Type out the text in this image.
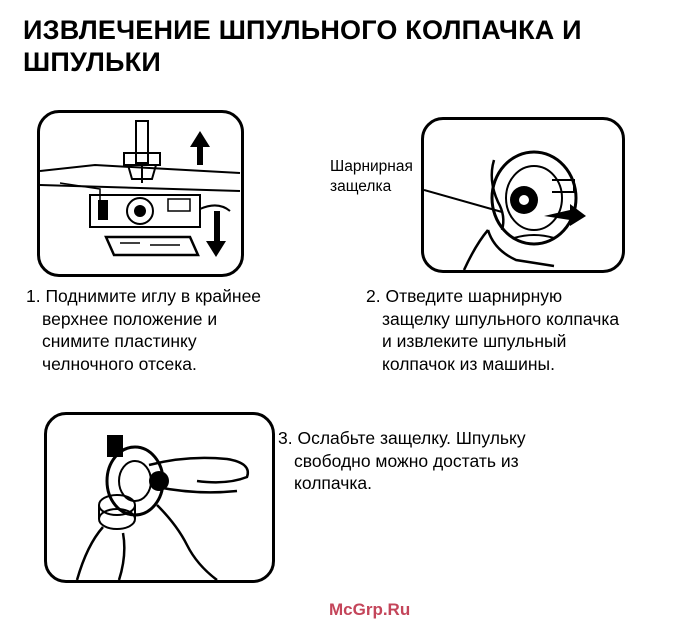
ИЗВЛЕЧЕНИЕ ШПУЛЬНОГО КОЛПАЧКА И
ШПУЛЬКИ
Шарнирная
защелка
1. Поднимите иглу в крайнее
верхнее положение и
снимите пластинку
челночного отсека.
2. Отведите шарнирную
защелку шпульного колпачка
и извлеките шпульный
колпачок из машины.
3. Ослабьте защелку. Шпульку
свободно можно достать из
колпачка.
McGrp.Ru
